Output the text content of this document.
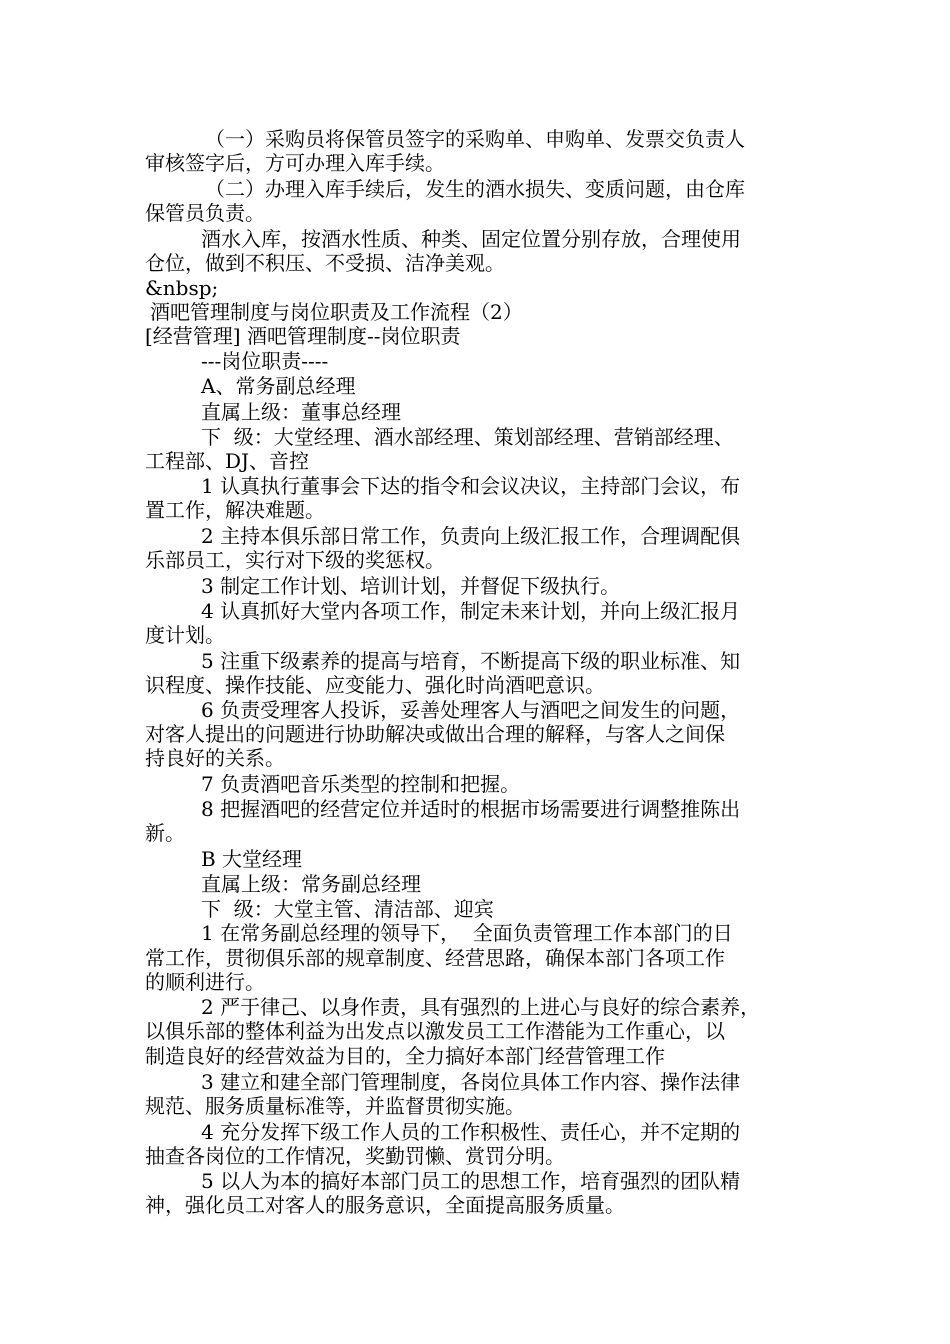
（一）采购员将保管员签字的采购单、申购单、发票交负责人

审核签字后，方可办理入库手续。

（二）办理入库手续后，发生的酒水损失、变质问题，由仓库

保管员负责。

酒水入库，按酒水性质、种类、固定位置分别存放，合理使用

仓位，做到不积压、不受损、洁净美观。

&nbsp;

酒吧管理制度与岗位职责及工作流程（2）

[经营管理] 酒吧管理制度--岗位职责

---岗位职责----

A、常务副总经理

直属上级：董事总经理

下  级：大堂经理、酒水部经理、策划部经理、营销部经理、

工程部、DJ、音控

1 认真执行董事会下达的指令和会议决议，主持部门会议，布

置工作，解决难题。

2 主持本俱乐部日常工作，负责向上级汇报工作，合理调配俱

乐部员工，实行对下级的奖惩权。

3 制定工作计划、培训计划，并督促下级执行。

4 认真抓好大堂内各项工作，制定未来计划，并向上级汇报月

度计划。

5 注重下级素养的提高与培育，不断提高下级的职业标准、知

识程度、操作技能、应变能力、强化时尚酒吧意识。

6 负责受理客人投诉，妥善处理客人与酒吧之间发生的问题，

对客人提出的问题进行协助解决或做出合理的解释，与客人之间保

持良好的关系。

7 负责酒吧音乐类型的控制和把握。

8 把握酒吧的经营定位并适时的根据市场需要进行调整推陈出

新。

B 大堂经理

直属上级：常务副总经理

下  级：大堂主管、清洁部、迎宾

1 在常务副总经理的领导下，  全面负责管理工作本部门的日

常工作，贯彻俱乐部的规章制度、经营思路，确保本部门各项工作

的顺利进行。

2 严于律己、以身作责，具有强烈的上进心与良好的综合素养，

以俱乐部的整体利益为出发点以激发员工工作潜能为工作重心，以

制造良好的经营效益为目的，全力搞好本部门经营管理工作

3 建立和建全部门管理制度，各岗位具体工作内容、操作法律

规范、服务质量标准等，并监督贯彻实施。

4 充分发挥下级工作人员的工作积极性、责任心，并不定期的

抽查各岗位的工作情况，奖勤罚懒、赏罚分明。

5 以人为本的搞好本部门员工的思想工作，培育强烈的团队精

神，强化员工对客人的服务意识，全面提高服务质量。
